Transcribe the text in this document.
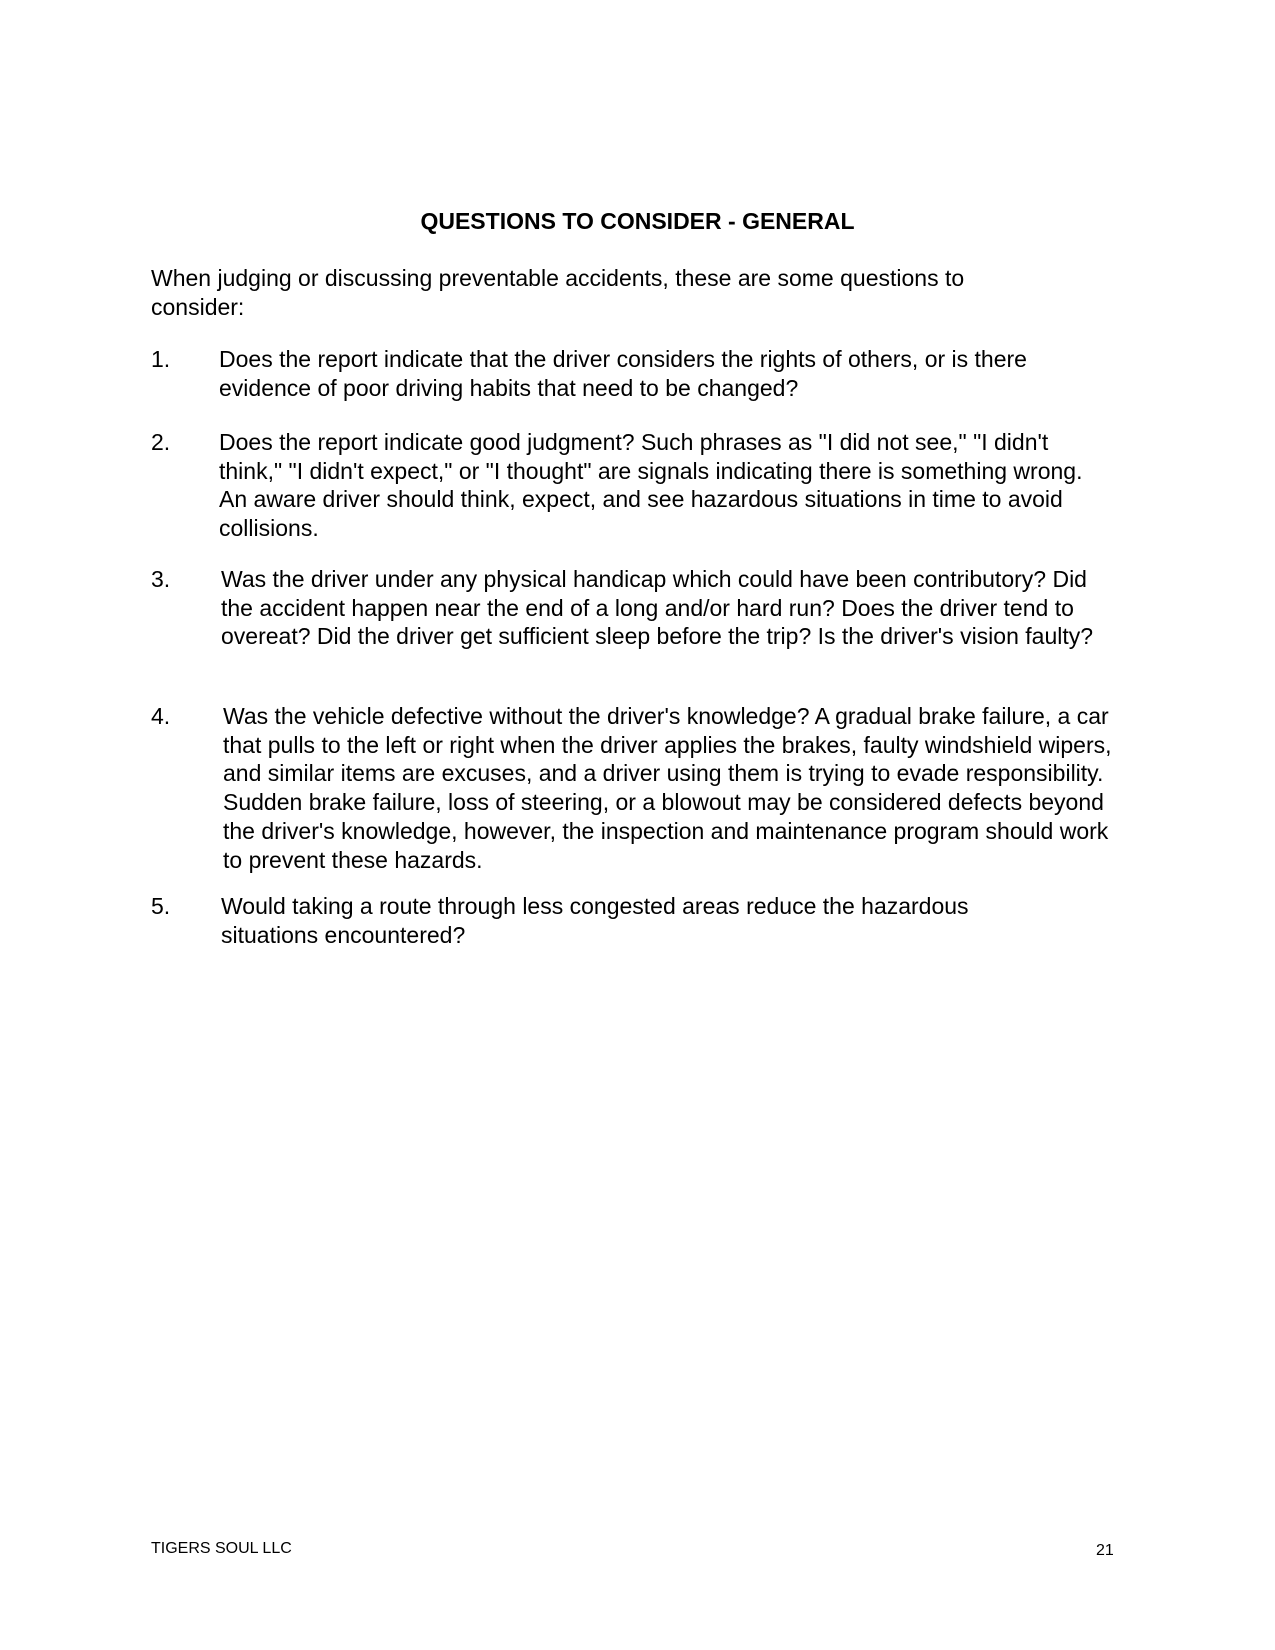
QUESTIONS TO CONSIDER - GENERAL

When judging or discussing preventable accidents, these are some questions to consider:

1.	Does the report indicate that the driver considers the rights of others, or is there evidence of poor driving habits that need to be changed?

2.	Does the report indicate good judgment? Such phrases as "I did not see," "I didn't think," "I didn't expect," or "I thought" are signals indicating there is something wrong. An aware driver should think, expect, and see hazardous situations in time to avoid collisions.

3.	Was the driver under any physical handicap which could have been contributory? Did the accident happen near the end of a long and/or hard run? Does the driver tend to overeat? Did the driver get sufficient sleep before the trip? Is the driver's vision faulty?

4.	Was the vehicle defective without the driver's knowledge? A gradual brake failure, a car that pulls to the left or right when the driver applies the brakes, faulty windshield wipers, and similar items are excuses, and a driver using them is trying to evade responsibility. Sudden brake failure, loss of steering, or a blowout may be considered defects beyond the driver's knowledge, however, the inspection and maintenance program should work to prevent these hazards.

5.	Would taking a route through less congested areas reduce the hazardous situations encountered?

TIGERS SOUL LLC	21
